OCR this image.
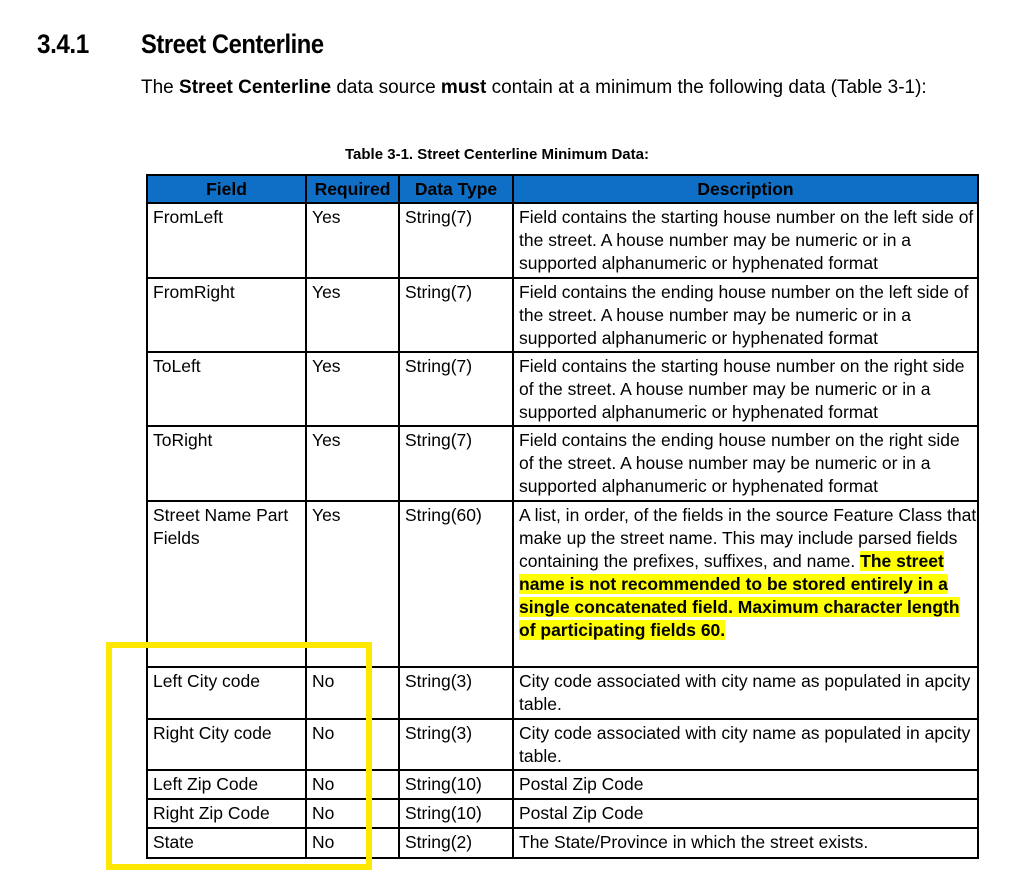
3.4.1 Street Centerline
The Street Centerline data source must contain at a minimum the following data (Table 3-1):
Table 3-1. Street Centerline Minimum Data:
Field	Required	Data Type	Description
FromLeft	Yes	String(7)	Field contains the starting house number on the left side of the street. A house number may be numeric or in a supported alphanumeric or hyphenated format
FromRight	Yes	String(7)	Field contains the ending house number on the left side of the street. A house number may be numeric or in a supported alphanumeric or hyphenated format
ToLeft	Yes	String(7)	Field contains the starting house number on the right side of the street. A house number may be numeric or in a supported alphanumeric or hyphenated format
ToRight	Yes	String(7)	Field contains the ending house number on the right side of the street. A house number may be numeric or in a supported alphanumeric or hyphenated format
Street Name Part Fields	Yes	String(60)	A list, in order, of the fields in the source Feature Class that make up the street name. This may include parsed fields containing the prefixes, suffixes, and name. The street name is not recommended to be stored entirely in a single concatenated field. Maximum character length of participating fields 60.
Left City code	No	String(3)	City code associated with city name as populated in apcity table.
Right City code	No	String(3)	City code associated with city name as populated in apcity table.
Left Zip Code	No	String(10)	Postal Zip Code
Right Zip Code	No	String(10)	Postal Zip Code
State	No	String(2)	The State/Province in which the street exists.
